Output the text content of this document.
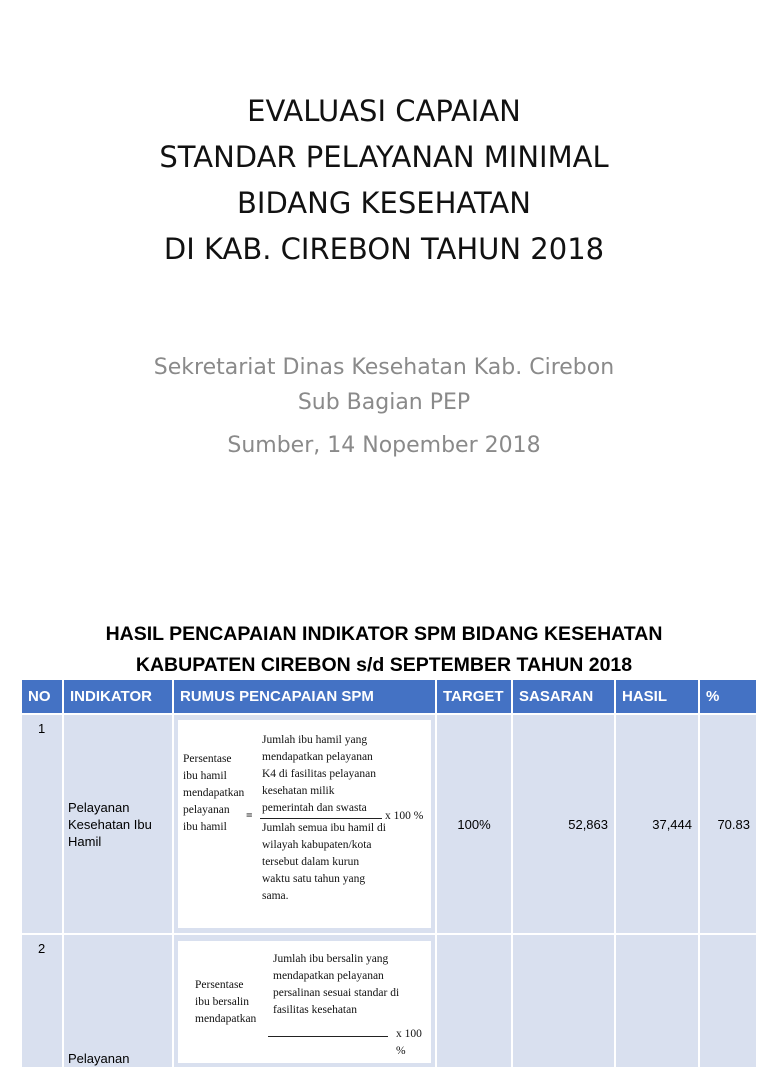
EVALUASI CAPAIAN
STANDAR PELAYANAN MINIMAL
BIDANG KESEHATAN
DI KAB. CIREBON TAHUN 2018
Sekretariat Dinas Kesehatan Kab. Cirebon
Sub Bagian PEP
Sumber, 14 Nopember 2018
HASIL PENCAPAIAN INDIKATOR SPM BIDANG KESEHATAN
KABUPATEN CIREBON s/d SEPTEMBER TAHUN 2018
NO	INDIKATOR	RUMUS PENCAPAIAN SPM	TARGET	SASARAN	HASIL	%
1	Pelayanan Kesehatan Ibu Hamil	Persentase ibu hamil mendapatkan pelayanan ibu hamil
=
Jumlah ibu hamil yang mendapatkan pelayanan K4 di fasilitas pelayanan kesehatan milik pemerintah dan swasta
x 100 %
Jumlah semua ibu hamil di wilayah kabupaten/kota tersebut dalam kurun waktu satu tahun yang sama.	100%	52,863	37,444	70.83
2	Pelayanan	Persentase ibu bersalin mendapatkan
Jumlah ibu bersalin yang mendapatkan pelayanan persalinan sesuai standar di fasilitas kesehatan
x 100 %				
